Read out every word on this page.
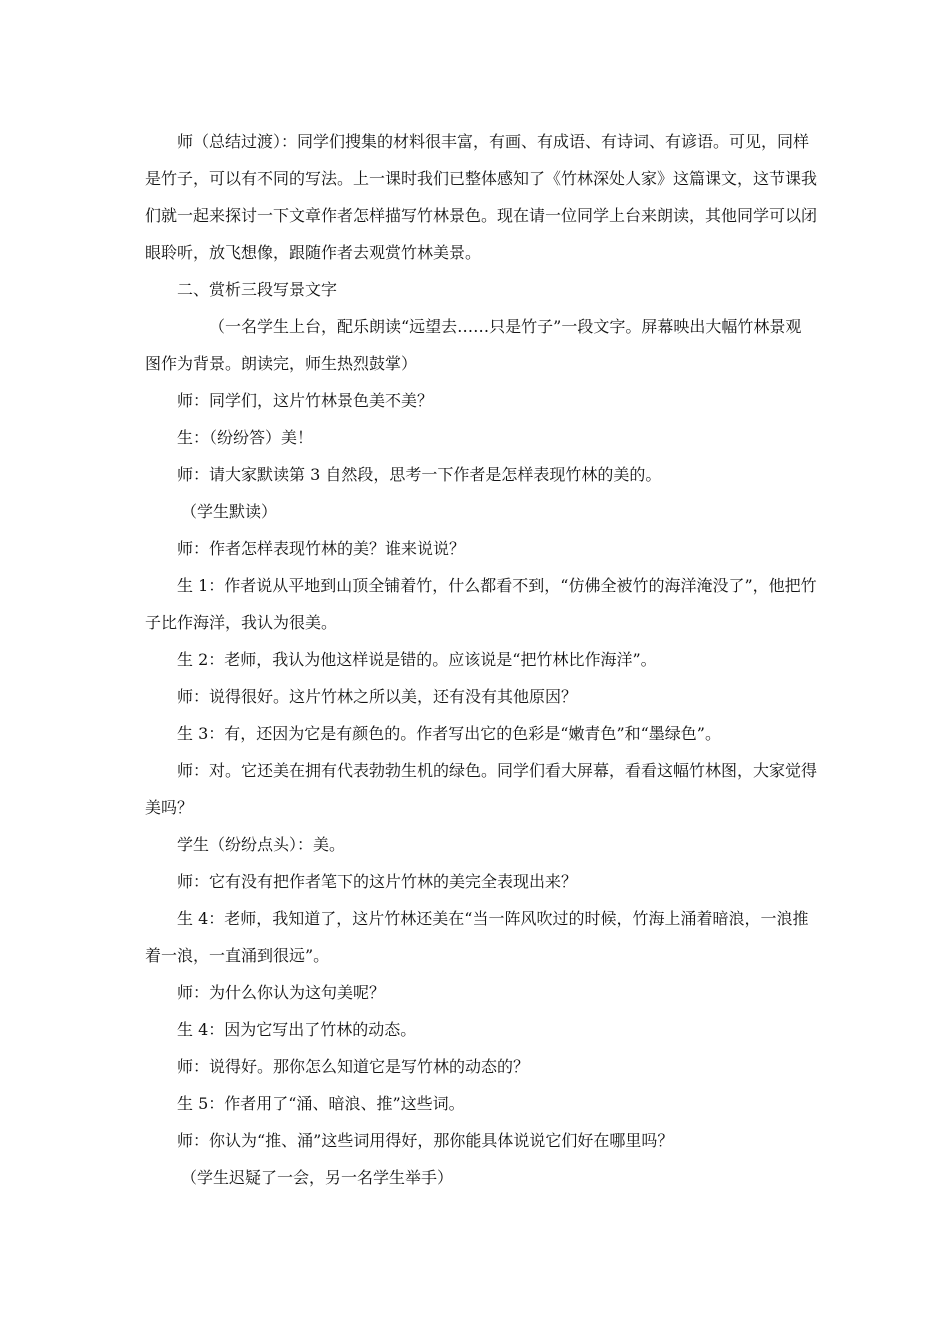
师（总结过渡）：同学们搜集的材料很丰富，有画、有成语、有诗词、有谚语。可见，同样是竹子，可以有不同的写法。上一课时我们已整体感知了《竹林深处人家》这篇课文，这节课我们就一起来探讨一下文章作者怎样描写竹林景色。现在请一位同学上台来朗读，其他同学可以闭眼聆听，放飞想像，跟随作者去观赏竹林美景。

二、赏析三段写景文字

（一名学生上台，配乐朗读“远望去……只是竹子”一段文字。屏幕映出大幅竹林景观图作为背景。朗读完，师生热烈鼓掌）

师：同学们，这片竹林景色美不美？

生：（纷纷答）美！

师：请大家默读第 3 自然段，思考一下作者是怎样表现竹林的美的。

（学生默读）

师：作者怎样表现竹林的美？谁来说说？

生 1：作者说从平地到山顶全铺着竹，什么都看不到，“仿佛全被竹的海洋淹没了”，他把竹子比作海洋，我认为很美。

生 2：老师，我认为他这样说是错的。应该说是“把竹林比作海洋”。

师：说得很好。这片竹林之所以美，还有没有其他原因？

生 3：有，还因为它是有颜色的。作者写出它的色彩是“嫩青色”和“墨绿色”。

师：对。它还美在拥有代表勃勃生机的绿色。同学们看大屏幕，看看这幅竹林图，大家觉得美吗？

学生（纷纷点头）：美。

师：它有没有把作者笔下的这片竹林的美完全表现出来？

生 4：老师，我知道了，这片竹林还美在“当一阵风吹过的时候，竹海上涌着暗浪，一浪推着一浪，一直涌到很远”。

师：为什么你认为这句美呢？

生 4：因为它写出了竹林的动态。

师：说得好。那你怎么知道它是写竹林的动态的？

生 5：作者用了“涌、暗浪、推”这些词。

师：你认为“推、涌”这些词用得好，那你能具体说说它们好在哪里吗？

（学生迟疑了一会，另一名学生举手）
